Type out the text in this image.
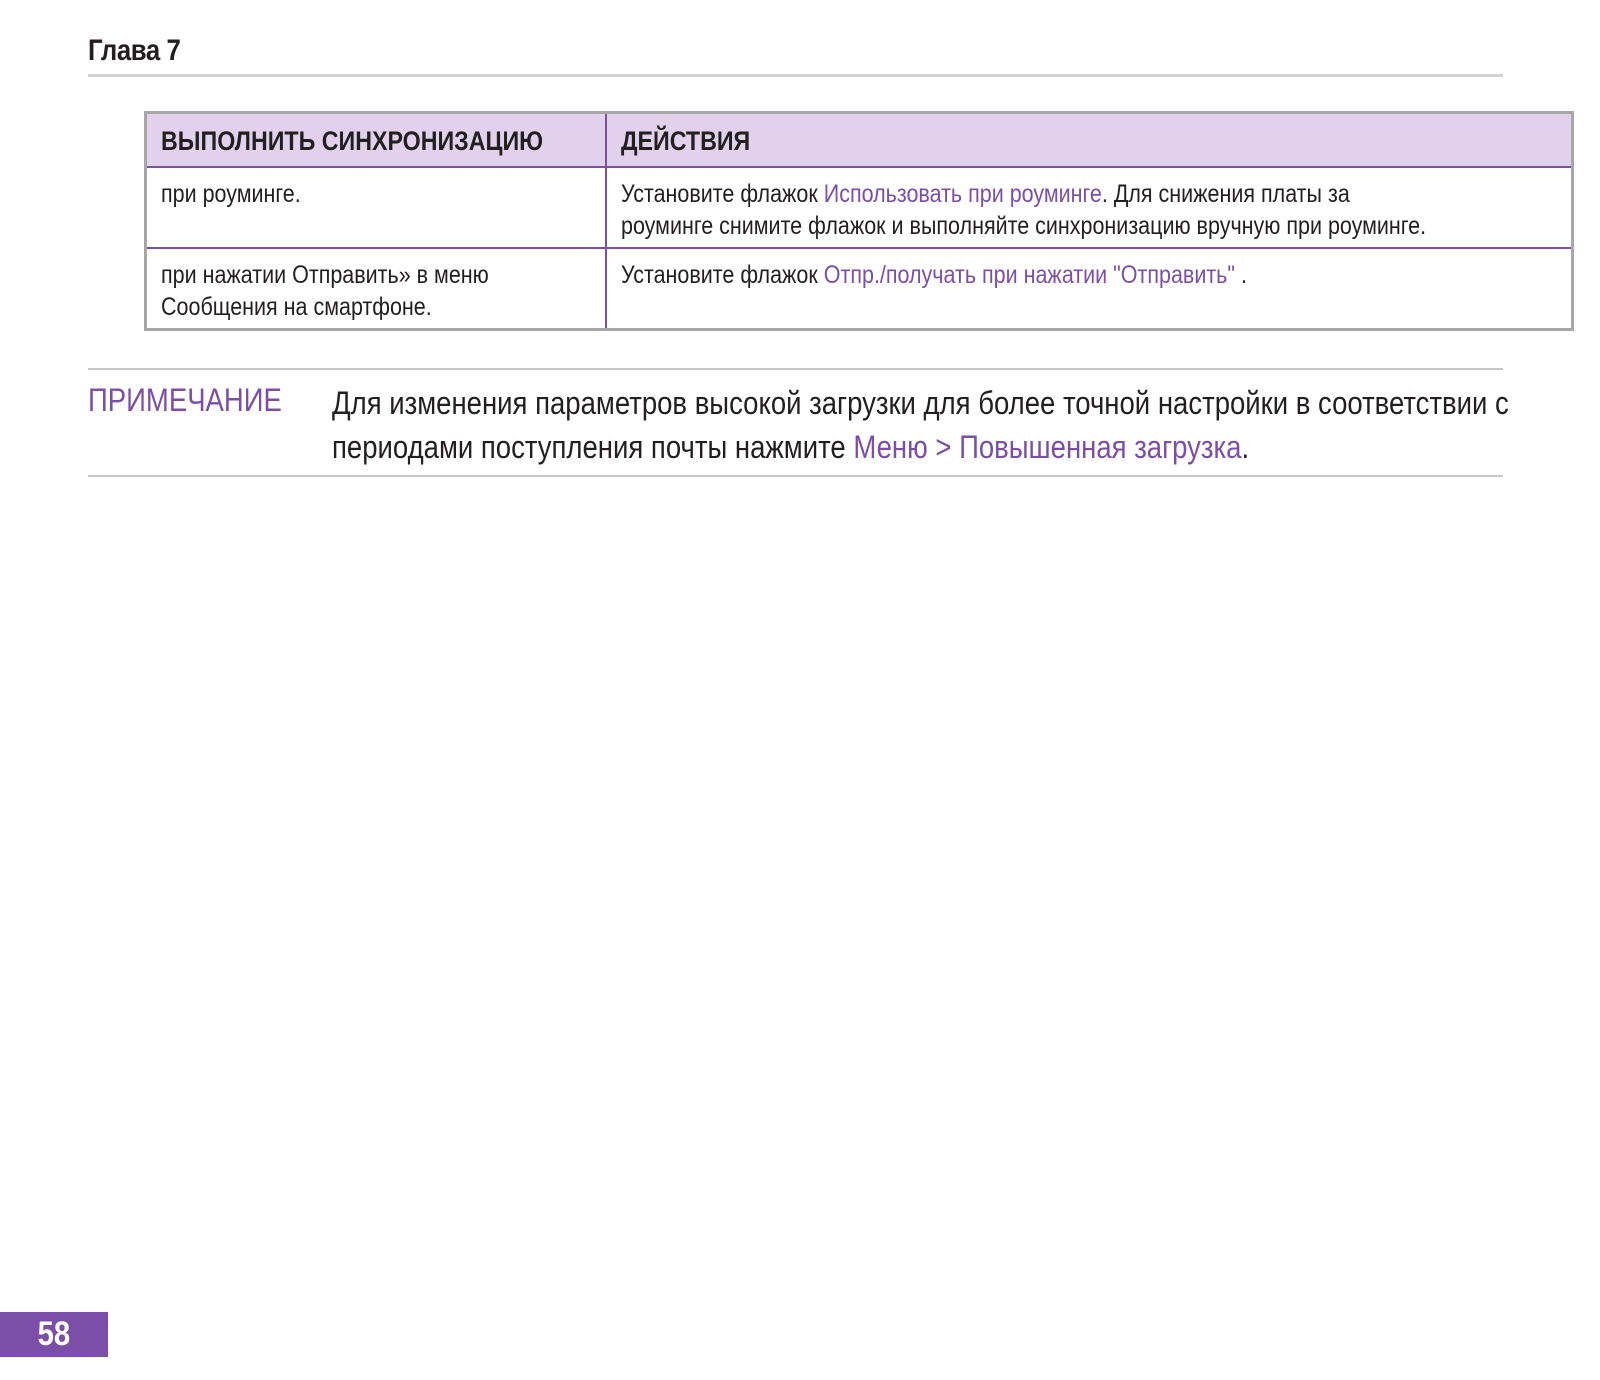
Глава 7
ВЫПОЛНИТЬ СИНХРОНИЗАЦИЮ	ДЕЙСТВИЯ
при роуминге.	Установите флажок Использовать при роуминге. Для снижения платы за
роуминге снимите флажок и выполняйте синхронизацию вручную при роуминге.
при нажатии Отправить» в меню
Сообщения на смартфоне.	Установите флажок Отпр./получать при нажатии "Отправить" .
ПРИМЕЧАНИЕ Для изменения параметров высокой загрузки для более точной настройки в соответствии с
периодами поступления почты нажмите Меню > Повышенная загрузка.
58
